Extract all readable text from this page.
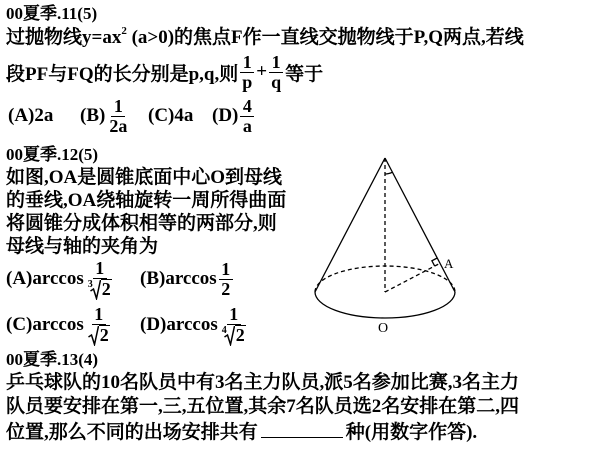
00夏季.11(5)
过抛物线$y=ax^2$ (a>0)的焦点F作一直线交抛物线于P,Q两点,若线
段PF与FQ的长分别是p,q,则 $\frac{1}{p} + \frac{1}{q}$ 等于
(A) 2a $(B) \frac{1}{2a} (C)$ 4a $(D) \frac{4}{a}$
00夏季.12(5)
如图,OA是圆锥底面中心O到母线
的垂线,OA绕轴旋转一周所得曲面
将圆锥分成体积相等的两部分,则
母线与轴的夹角为
$(A)\arccos \frac{1}{3 2} (B)\arccos \frac{1}{2}$
$(C)\arccos \frac{1}{2} (D)\arccos \frac{1}{4 2}$	O
A
00夏季.13(4)
乒乓球队的10名队员中有3名主力队员,派5名参加比赛,3名主力
队员要安排在第一,三,五位置,其余7名队员选2名安排在第二,四
位置,那么不同的出场安排共有	种(用数字作答).
